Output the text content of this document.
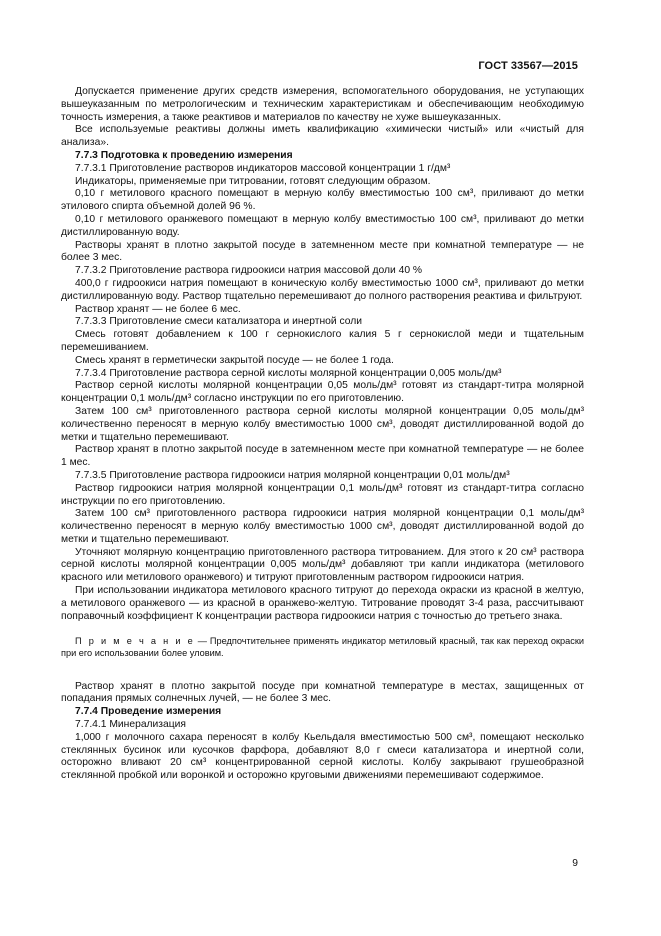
ГОСТ 33567—2015

Допускается применение других средств измерения, вспомогательного оборудования, не уступающих вышеуказанным по метрологическим и техническим характеристикам и обеспечивающим необходимую точность измерения, а также реактивов и материалов по качеству не хуже вышеуказанных.

Все используемые реактивы должны иметь квалификацию «химически чистый» или «чистый для анализа».

7.7.3 Подготовка к проведению измерения

7.7.3.1 Приготовление растворов индикаторов массовой концентрации 1 г/дм³

Индикаторы, применяемые при титровании, готовят следующим образом.

0,10 г метилового красного помещают в мерную колбу вместимостью 100 см³, приливают до метки этилового спирта объемной долей 96 %.

0,10 г метилового оранжевого помещают в мерную колбу вместимостью 100 см³, приливают до метки дистиллированную воду.

Растворы хранят в плотно закрытой посуде в затемненном месте при комнатной температуре — не более 3 мес.

7.7.3.2 Приготовление раствора гидроокиси натрия массовой доли 40 %

400,0 г гидроокиси натрия помещают в коническую колбу вместимостью 1000 см³, приливают до метки дистиллированную воду. Раствор тщательно перемешивают до полного растворения реактива и фильтруют.

Раствор хранят — не более 6 мес.

7.7.3.3 Приготовление смеси катализатора и инертной соли

Смесь готовят добавлением к 100 г сернокислого калия 5 г сернокислой меди и тщательным перемешиванием.

Смесь хранят в герметически закрытой посуде — не более 1 года.

7.7.3.4 Приготовление раствора серной кислоты молярной концентрации 0,005 моль/дм³

Раствор серной кислоты молярной концентрации 0,05 моль/дм³ готовят из стандарт-титра молярной концентрации 0,1 моль/дм³ согласно инструкции по его приготовлению.

Затем 100 см³ приготовленного раствора серной кислоты молярной концентрации 0,05 моль/дм³ количественно переносят в мерную колбу вместимостью 1000 см³, доводят дистиллированной водой до метки и тщательно перемешивают.

Раствор хранят в плотно закрытой посуде в затемненном месте при комнатной температуре — не более 1 мес.

7.7.3.5 Приготовление раствора гидроокиси натрия молярной концентрации 0,01 моль/дм³

Раствор гидроокиси натрия молярной концентрации 0,1 моль/дм³ готовят из стандарт-титра согласно инструкции по его приготовлению.

Затем 100 см³ приготовленного раствора гидроокиси натрия молярной концентрации 0,1 моль/дм³ количественно переносят в мерную колбу вместимостью 1000 см³, доводят дистиллированной водой до метки и тщательно перемешивают.

Уточняют молярную концентрацию приготовленного раствора титрованием. Для этого к 20 см³ раствора серной кислоты молярной концентрации 0,005 моль/дм³ добавляют три капли индикатора (метилового красного или метилового оранжевого) и титруют приготовленным раствором гидроокиси натрия.

При использовании индикатора метилового красного титруют до перехода окраски из красной в желтую, а метилового оранжевого — из красной в оранжево-желтую. Титрование проводят 3-4 раза, рассчитывают поправочный коэффициент К концентрации раствора гидроокиси натрия с точностью до третьего знака.

П р и м е ч а н и е — Предпочтительнее применять индикатор метиловый красный, так как переход окраски при его использовании более уловим.

Раствор хранят в плотно закрытой посуде при комнатной температуре в местах, защищенных от попадания прямых солнечных лучей, — не более 3 мес.

7.7.4 Проведение измерения

7.7.4.1 Минерализация

1,000 г молочного сахара переносят в колбу Кьельдаля вместимостью 500 см³, помещают несколько стеклянных бусинок или кусочков фарфора, добавляют 8,0 г смеси катализатора и инертной соли, осторожно вливают 20 см³ концентрированной серной кислоты. Колбу закрывают грушеобразной стеклянной пробкой или воронкой и осторожно круговыми движениями перемешивают содержимое.

9
